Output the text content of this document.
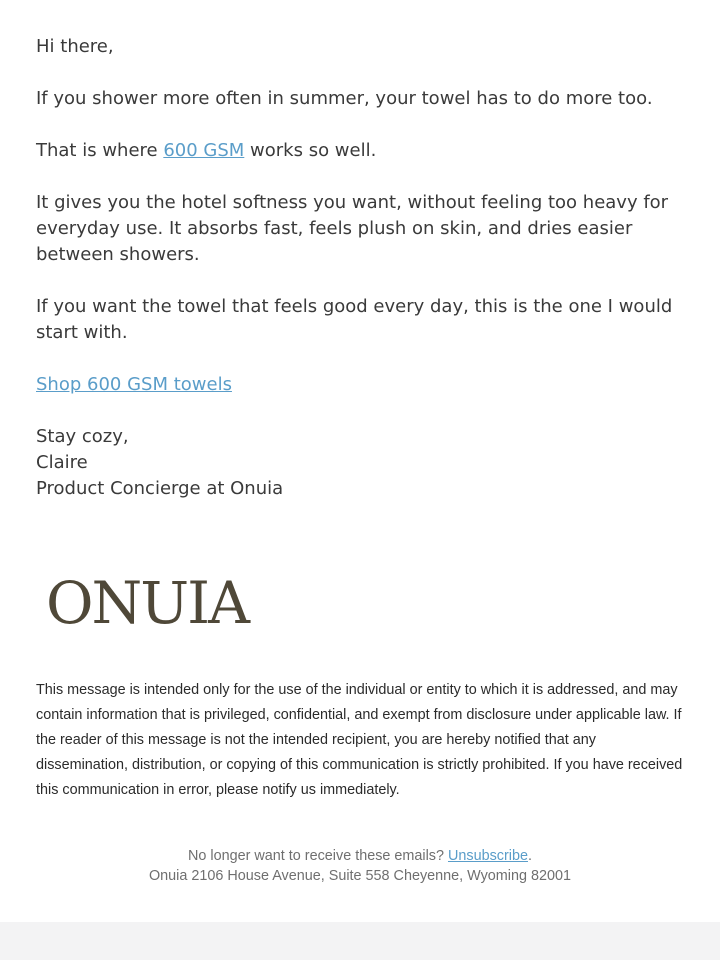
Hi there,

If you shower more often in summer, your towel has to do more too.

That is where 600 GSM works so well.

It gives you the hotel softness you want, without feeling too heavy for everyday use. It absorbs fast, feels plush on skin, and dries easier between showers.

If you want the towel that feels good every day, this is the one I would start with.

Shop 600 GSM towels

Stay cozy,
Claire
Product Concierge at Onuia

ONUIA

This message is intended only for the use of the individual or entity to which it is addressed, and may contain information that is privileged, confidential, and exempt from disclosure under applicable law. If the reader of this message is not the intended recipient, you are hereby notified that any dissemination, distribution, or copying of this communication is strictly prohibited. If you have received this communication in error, please notify us immediately.

No longer want to receive these emails? Unsubscribe.
Onuia 2106 House Avenue, Suite 558 Cheyenne, Wyoming 82001
